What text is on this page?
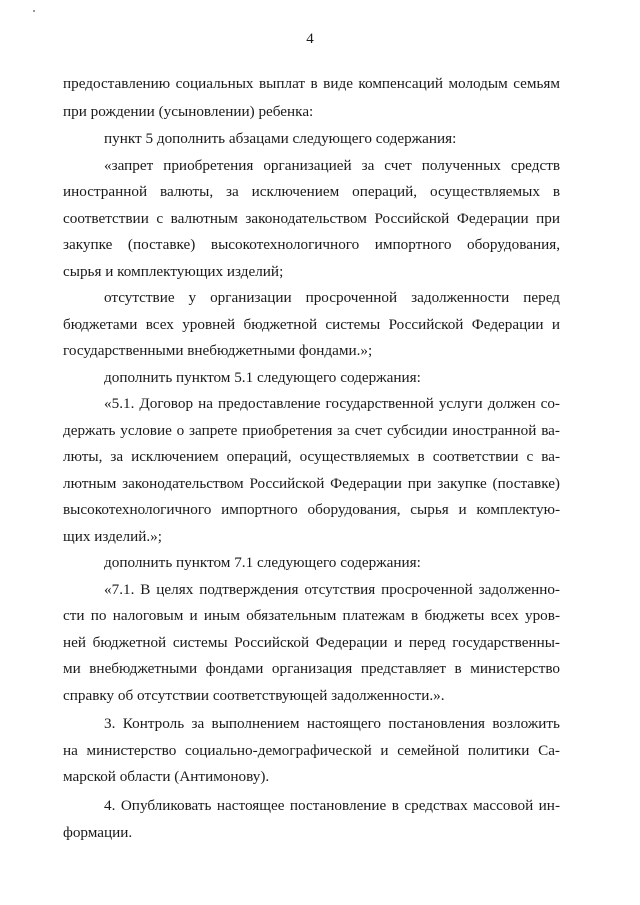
4
предоставлению социальных выплат в виде компенсаций молодым семьям
при рождении (усыновлении) ребенка:
пункт 5 дополнить абзацами следующего содержания:
«запрет приобретения организацией за счет полученных средств
иностранной валюты, за исключением операций, осуществляемых в
соответствии с валютным законодательством Российской Федерации при
закупке (поставке) высокотехнологичного импортного оборудования,
сырья и комплектующих изделий;
отсутствие у организации просроченной задолженности перед
бюджетами всех уровней бюджетной системы Российской Федерации и
государственными внебюджетными фондами.»;
дополнить пунктом 5.1 следующего содержания:
«5.1. Договор на предоставление государственной услуги должен со-
держать условие о запрете приобретения за счет субсидии иностранной ва-
люты, за исключением операций, осуществляемых в соответствии с ва-
лютным законодательством Российской Федерации при закупке (поставке)
высокотехнологичного импортного оборудования, сырья и комплектую-
щих изделий.»;
дополнить пунктом 7.1 следующего содержания:
«7.1. В целях подтверждения отсутствия просроченной задолженно-
сти по налоговым и иным обязательным платежам в бюджеты всех уров-
ней бюджетной системы Российской Федерации и перед государственны-
ми внебюджетными фондами организация представляет в министерство
справку об отсутствии соответствующей задолженности.».
3. Контроль за выполнением настоящего постановления возложить
на министерство социально-демографической и семейной политики Са-
марской области (Антимонову).
4. Опубликовать настоящее постановление в средствах массовой ин-
формации.
